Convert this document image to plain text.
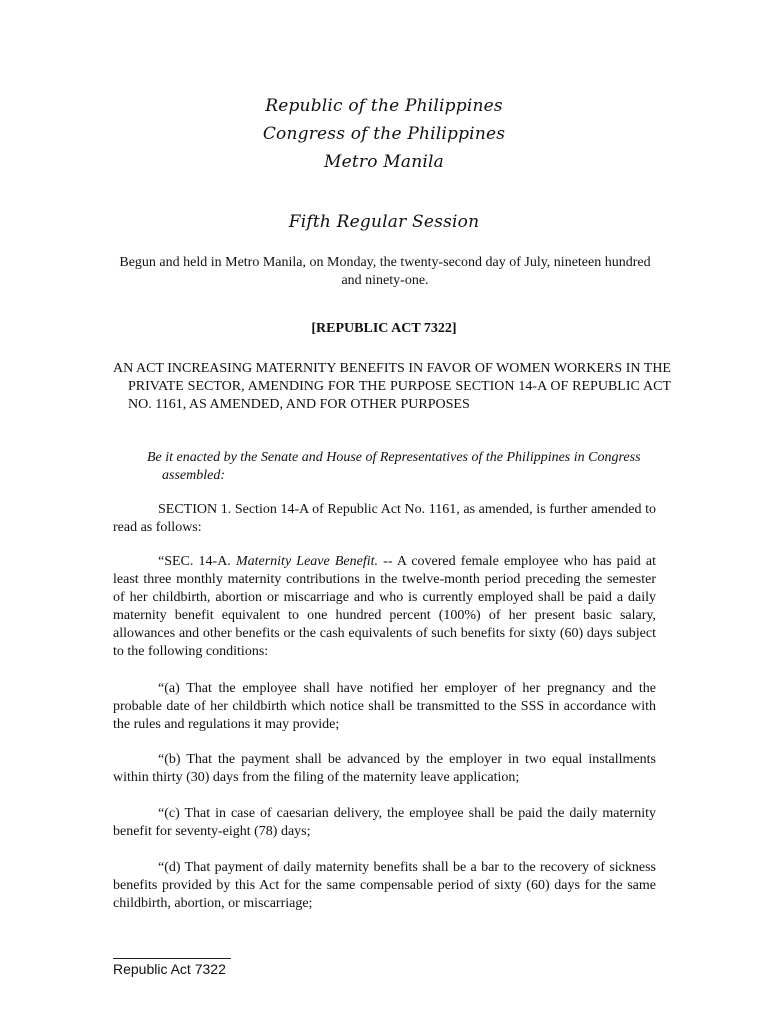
Republic of the Philippines
Congress of the Philippines
Metro Manila
Fifth Regular Session
Begun and held in Metro Manila, on Monday, the twenty-second day of July, nineteen hundred and ninety-one.
[REPUBLIC ACT 7322]
AN ACT INCREASING MATERNITY BENEFITS IN FAVOR OF WOMEN WORKERS IN THE PRIVATE SECTOR, AMENDING FOR THE PURPOSE SECTION 14-A OF REPUBLIC ACT NO. 1161, AS AMENDED, AND FOR OTHER PURPOSES
Be it enacted by the Senate and House of Representatives of the Philippines in Congress assembled:
SECTION 1. Section 14-A of Republic Act No. 1161, as amended, is further amended to read as follows:
“SEC. 14-A. Maternity Leave Benefit. -- A covered female employee who has paid at least three monthly maternity contributions in the twelve-month period preceding the semester of her childbirth, abortion or miscarriage and who is currently employed shall be paid a daily maternity benefit equivalent to one hundred percent (100%) of her present basic salary, allowances and other benefits or the cash equivalents of such benefits for sixty (60) days subject to the following conditions:
“(a) That the employee shall have notified her employer of her pregnancy and the probable date of her childbirth which notice shall be transmitted to the SSS in accordance with the rules and regulations it may provide;
“(b) That the payment shall be advanced by the employer in two equal installments within thirty (30) days from the filing of the maternity leave application;
“(c) That in case of caesarian delivery, the employee shall be paid the daily maternity benefit for seventy-eight (78) days;
“(d) That payment of daily maternity benefits shall be a bar to the recovery of sickness benefits provided by this Act for the same compensable period of sixty (60) days for the same childbirth, abortion, or miscarriage;
Republic Act 7322
